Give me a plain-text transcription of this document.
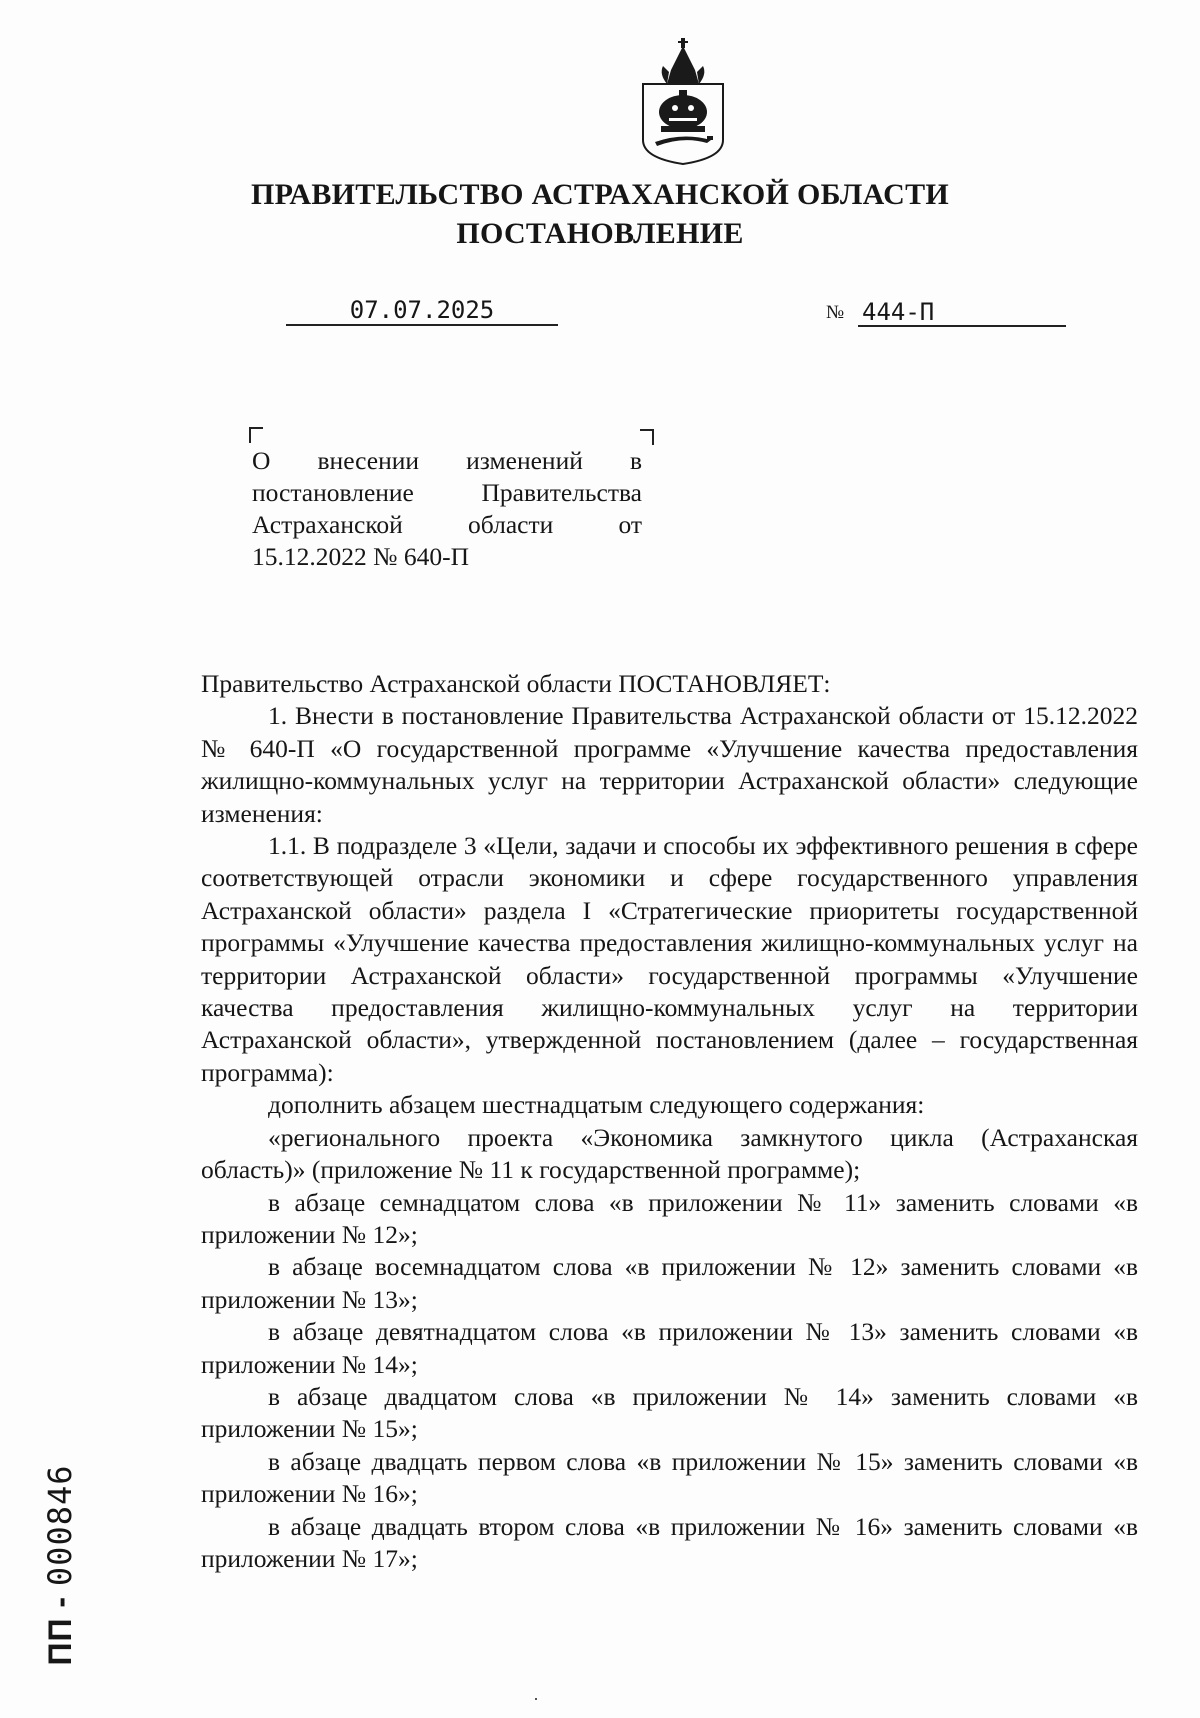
ПРАВИТЕЛЬСТВО АСТРАХАНСКОЙ ОБЛАСТИ
ПОСТАНОВЛЕНИЕ
07.07.2025	№ 444-П
О внесении изменений в постановление Правительства Астраханской области от 15.12.2022 № 640-П

Правительство Астраханской области ПОСТАНОВЛЯЕТ:

1. Внести в постановление Правительства Астраханской области от 15.12.2022 № 640-П «О государственной программе «Улучшение качества предоставления жилищно-коммунальных услуг на территории Астраханской области» следующие изменения:

1.1. В подразделе 3 «Цели, задачи и способы их эффективного решения в сфере соответствующей отрасли экономики и сфере государственного управления Астраханской области» раздела I «Стратегические приоритеты государственной программы «Улучшение качества предоставления жилищно-коммунальных услуг на территории Астраханской области» государственной программы «Улучшение качества предоставления жилищно-коммунальных услуг на территории Астраханской области», утвержденной постановлением (далее – государственная программа):

дополнить абзацем шестнадцатым следующего содержания:

«регионального проекта «Экономика замкнутого цикла (Астраханская область)» (приложение № 11 к государственной программе);

в абзаце семнадцатом слова «в приложении № 11» заменить словами «в приложении № 12»;

в абзаце восемнадцатом слова «в приложении № 12» заменить словами «в приложении № 13»;

в абзаце девятнадцатом слова «в приложении № 13» заменить словами «в приложении № 14»;

в абзаце двадцатом слова «в приложении № 14» заменить словами «в приложении № 15»;

в абзаце двадцать первом слова «в приложении № 15» заменить словами «в приложении № 16»;

в абзаце двадцать втором слова «в приложении № 16» заменить словами «в приложении № 17»;

ПП - 000846
